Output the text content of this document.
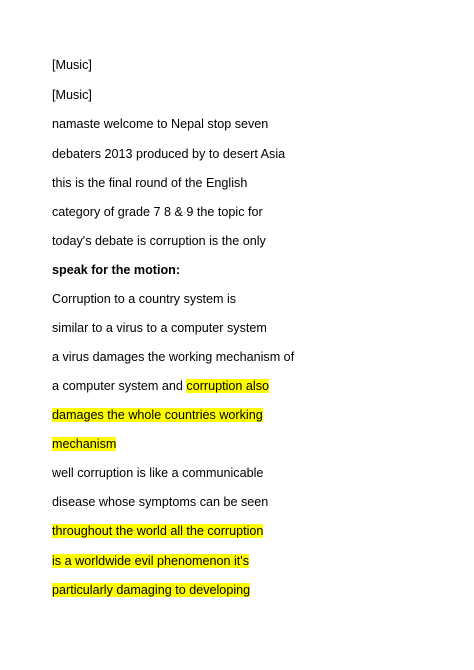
[Music]
[Music]
namaste welcome to Nepal stop seven
debaters 2013 produced by to desert Asia
this is the final round of the English
category of grade 7 8 & 9 the topic for
today's debate is corruption is the only
speak for the motion:
Corruption to a country system is
similar to a virus to a computer system
a virus damages the working mechanism of
a computer system and corruption also
damages the whole countries working
mechanism
well corruption is like a communicable
disease whose symptoms can be seen
throughout the world all the corruption
is a worldwide evil phenomenon it's
particularly damaging to developing
